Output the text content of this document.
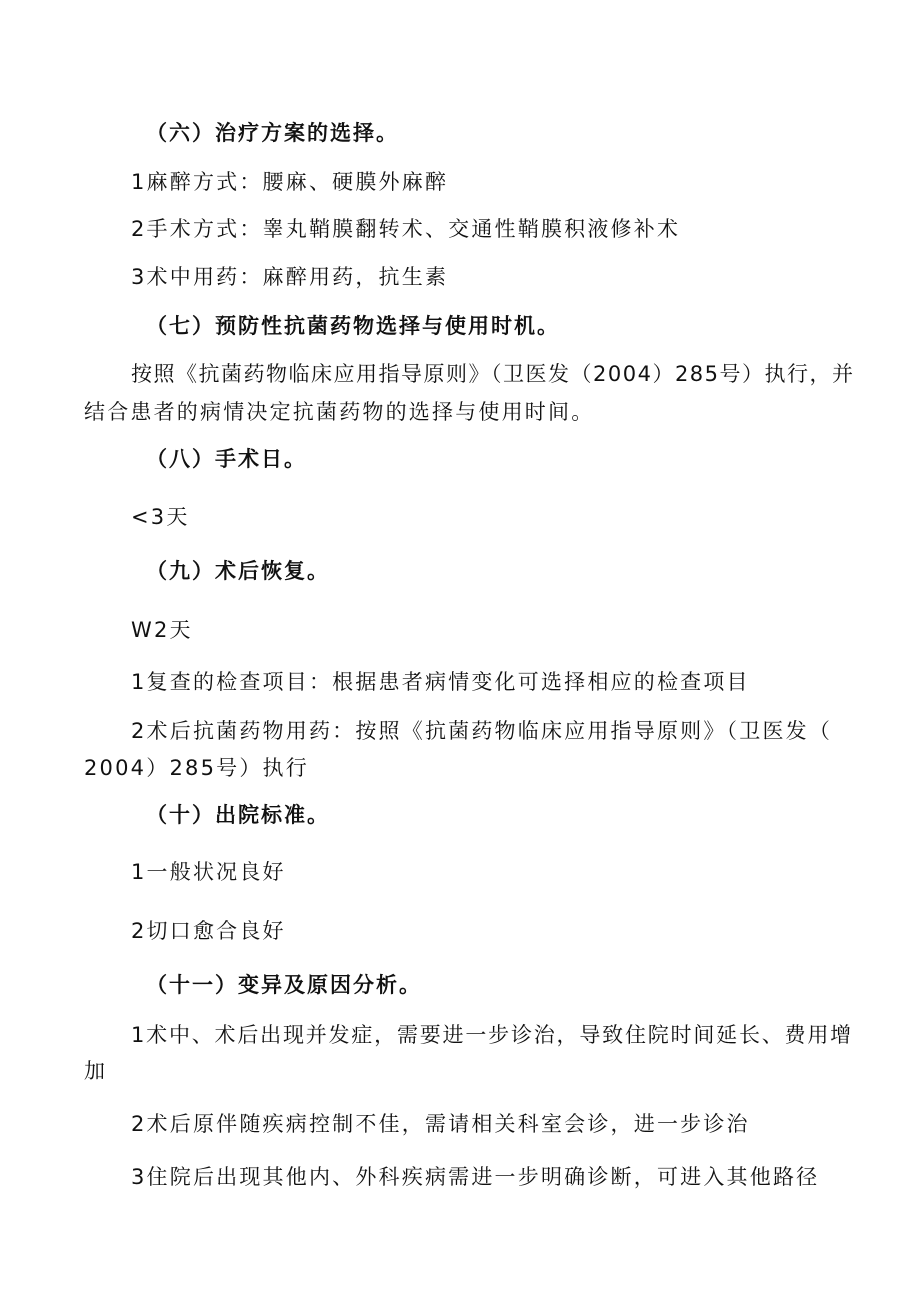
（六）治疗方案的选择。
1麻醉方式：腰麻、硬膜外麻醉
2手术方式：睾丸鞘膜翻转术、交通性鞘膜积液修补术
3术中用药：麻醉用药，抗生素
（七）预防性抗菌药物选择与使用时机。
按照《抗菌药物临床应用指导原则》（卫医发（2004）285号）执行，并
结合患者的病情决定抗菌药物的选择与使用时间。
（八）手术日。
<3天
（九）术后恢复。
W2天
1复查的检查项目：根据患者病情变化可选择相应的检查项目
2术后抗菌药物用药：按照《抗菌药物临床应用指导原则》（卫医发（
2004）285号）执行
（十）出院标准。
1一般状况良好
2切口愈合良好
（十一）变异及原因分析。
1术中、术后出现并发症，需要进一步诊治，导致住院时间延长、费用增
加
2术后原伴随疾病控制不佳，需请相关科室会诊，进一步诊治
3住院后出现其他内、外科疾病需进一步明确诊断，可进入其他路径
